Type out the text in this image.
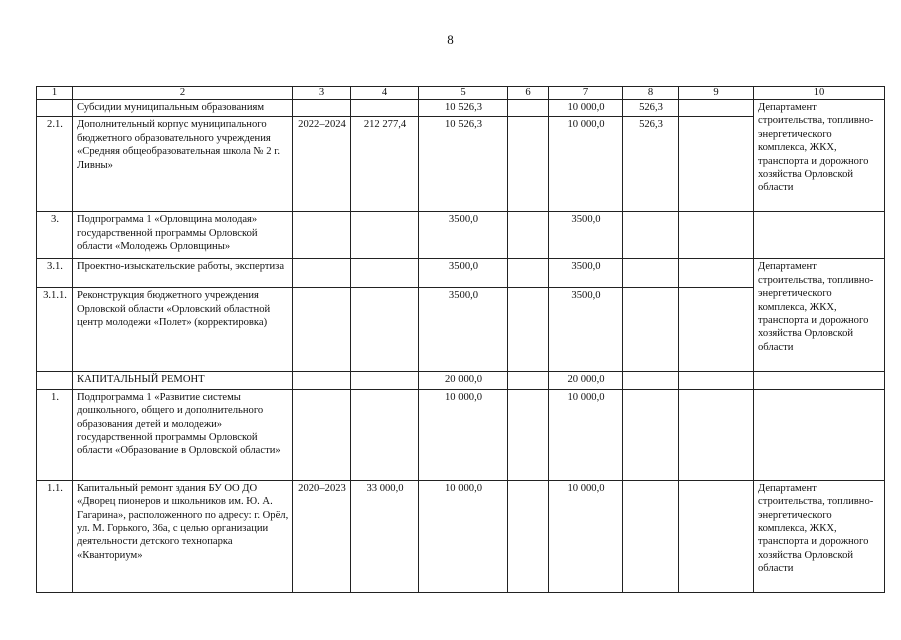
8
1	2	3	4	5	6	7	8	9	10
	Субсидии муниципальным образованиям			10 526,3		10 000,0	526,3		Департамент строительства, топливно-энергетического комплекса, ЖКХ, транспорта и дорожного хозяйства Орловской области
2.1.	Дополнительный корпус муниципального бюджетного образовательного учреждения «Средняя общеобразовательная школа № 2 г. Ливны»	2022–2024	212 277,4	10 526,3		10 000,0	526,3		
3.	Подпрограмма 1 «Орловщина молодая» государственной программы Орловской области «Молодежь Орловщины»			3500,0		3500,0			
3.1.	Проектно-изыскательские работы, экспертиза			3500,0		3500,0			Департамент строительства, топливно-энергетического комплекса, ЖКХ, транспорта и дорожного хозяйства Орловской области
3.1.1.	Реконструкция бюджетного учреждения Орловской области «Орловский областной центр молодежи «Полет» (корректировка)			3500,0		3500,0			
	КАПИТАЛЬНЫЙ РЕМОНТ			20 000,0		20 000,0			
1.	Подпрограмма 1 «Развитие системы дошкольного, общего и дополнительного образования детей и молодежи» государственной программы Орловской области «Образование в Орловской области»			10 000,0		10 000,0			
1.1.	Капитальный ремонт здания БУ ОО ДО «Дворец пионеров и школьников им. Ю. А. Гагарина», расположенного по адресу: г. Орёл, ул. М. Горького, 36а, с целью организации деятельности детского технопарка «Кванториум»	2020–2023	33 000,0	10 000,0		10 000,0			Департамент строительства, топливно-энергетического комплекса, ЖКХ, транспорта и дорожного хозяйства Орловской области
